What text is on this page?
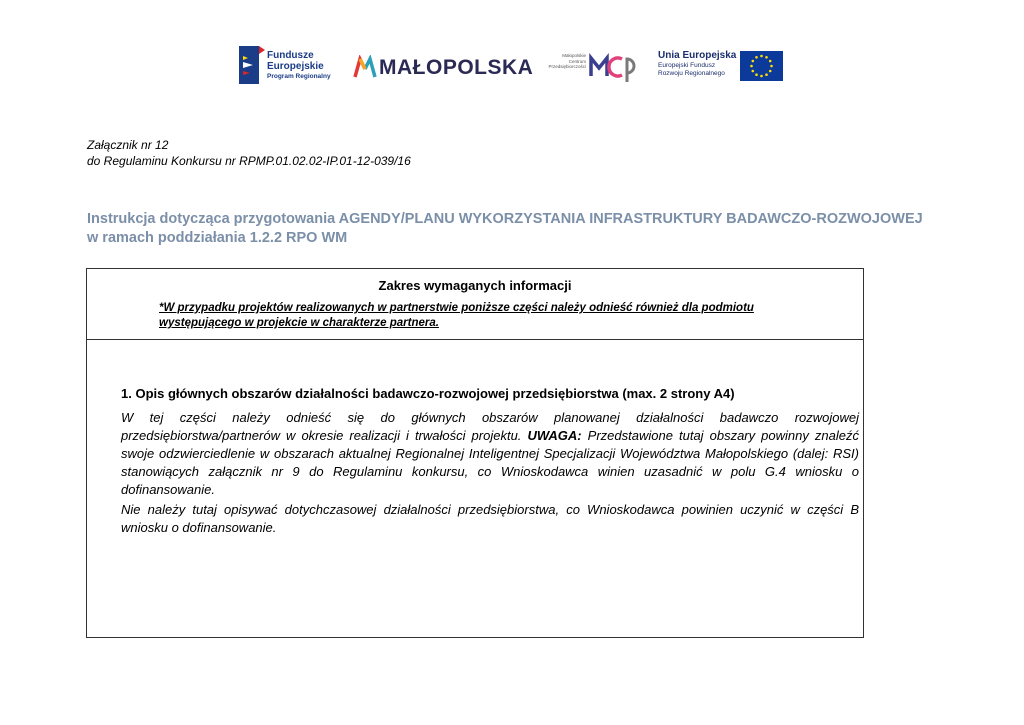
Fundusze
Europejskie
Program Regionalny MAŁOPOLSKA
Małopolskie Centrum Przedsiębiorczości
Unia Europejska
Europejski Fundusz
Rozwoju Regionalnego
Załącznik nr 12
do Regulaminu Konkursu nr RPMP.01.02.02-IP.01-12-039/16
Instrukcja dotycząca przygotowania AGENDY/PLANU WYKORZYSTANIA INFRASTRUKTURY BADAWCZO-ROZWOJOWEJ
w ramach poddziałania 1.2.2 RPO WM
Zakres wymaganych informacji
*W przypadku projektów realizowanych w partnerstwie poniższe części należy odnieść również dla podmiotu występującego w projekcie w charakterze partnera.
1. Opis głównych obszarów działalności badawczo-rozwojowej przedsiębiorstwa (max. 2 strony A4)
W tej części należy odnieść się do głównych obszarów planowanej działalności badawczo rozwojowej przedsiębiorstwa/partnerów w okresie realizacji i trwałości projektu. UWAGA: Przedstawione tutaj obszary powinny znaleźć swoje odzwierciedlenie w obszarach aktualnej Regionalnej Inteligentnej Specjalizacji Województwa Małopolskiego (dalej: RSI) stanowiących załącznik nr 9 do Regulaminu konkursu, co Wnioskodawca winien uzasadnić w polu G.4 wniosku o dofinansowanie.
Nie należy tutaj opisywać dotychczasowej działalności przedsiębiorstwa, co Wnioskodawca powinien uczynić w części B wniosku o dofinansowanie.
